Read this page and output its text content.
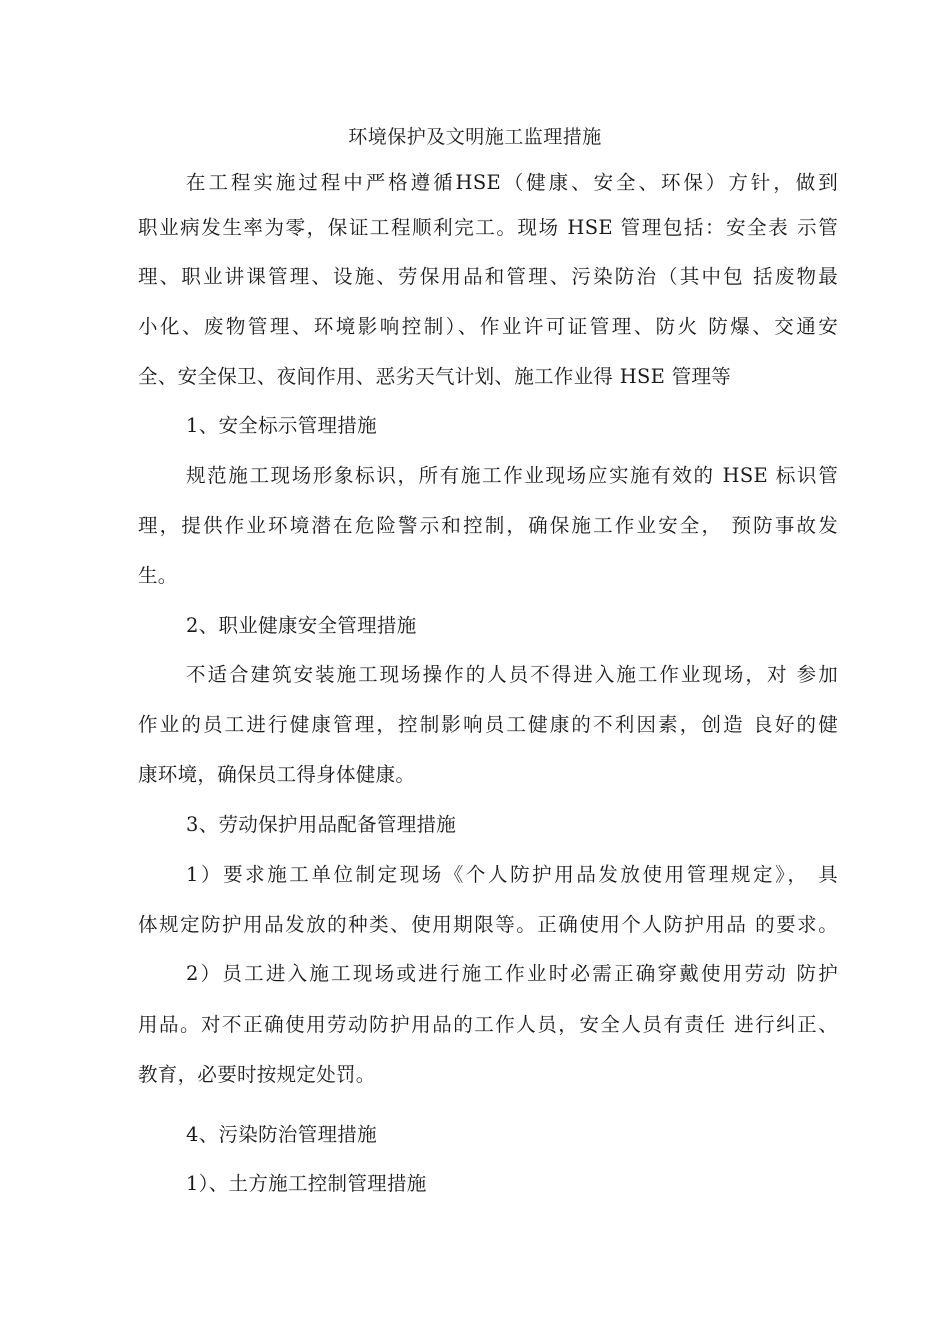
环境保护及文明施工监理措施
在工程实施过程中严格遵循HSE（健康、安全、环保）方针，做到
职业病发生率为零，保证工程顺利完工。现场 HSE 管理包括：安全表 示管
理、职业讲课管理、设施、劳保用品和管理、污染防治（其中包 括废物最
小化、废物管理、环境影响控制）、作业许可证管理、防火 防爆、交通安
全、安全保卫、夜间作用、恶劣天气计划、施工作业得 HSE 管理等
1、安全标示管理措施
规范施工现场形象标识，所有施工作业现场应实施有效的 HSE 标识管
理，提供作业环境潜在危险警示和控制，确保施工作业安全， 预防事故发
生。
2、职业健康安全管理措施
不适合建筑安装施工现场操作的人员不得进入施工作业现场，对 参加
作业的员工进行健康管理，控制影响员工健康的不利因素，创造 良好的健
康环境，确保员工得身体健康。
3、劳动保护用品配备管理措施
1）要求施工单位制定现场《个人防护用品发放使用管理规定》， 具
体规定防护用品发放的种类、使用期限等。正确使用个人防护用品 的要求。
2）员工进入施工现场或进行施工作业时必需正确穿戴使用劳动 防护
用品。对不正确使用劳动防护用品的工作人员，安全人员有责任 进行纠正、
教育，必要时按规定处罚。
4、污染防治管理措施
1）、土方施工控制管理措施
